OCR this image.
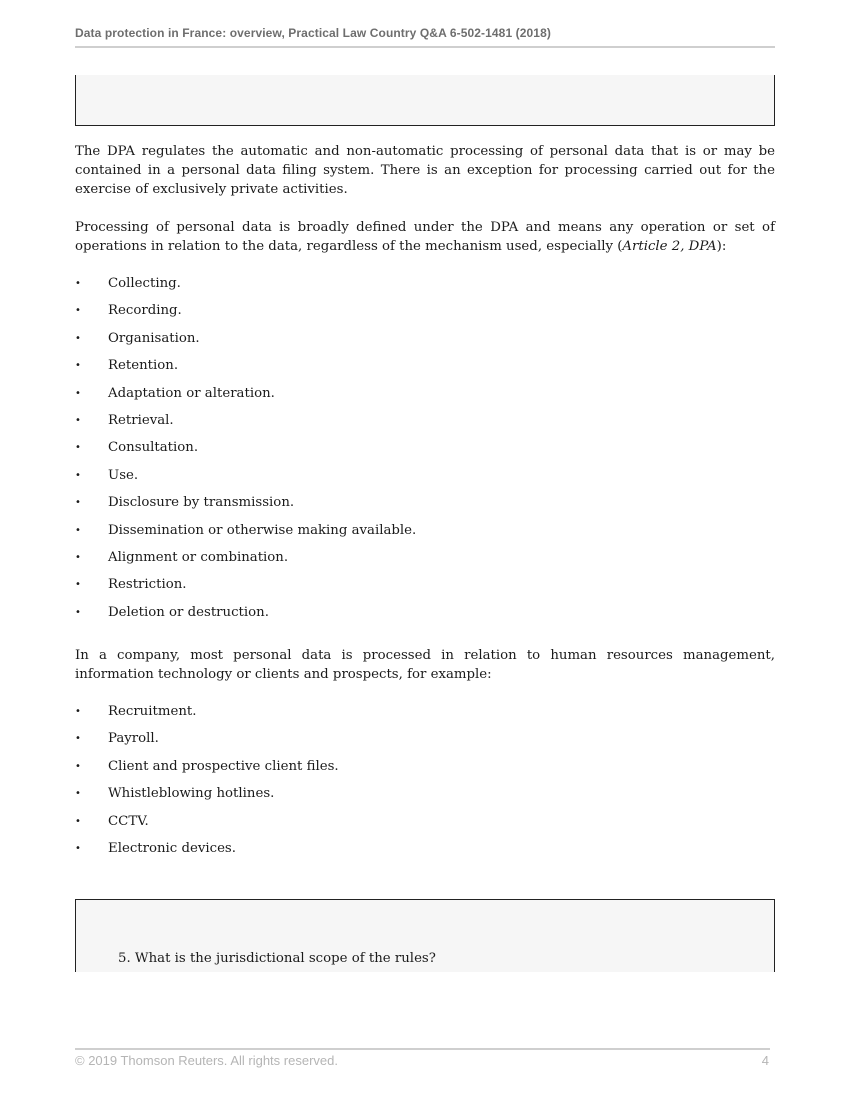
Data protection in France: overview, Practical Law Country Q&A 6-502-1481 (2018)

The DPA regulates the automatic and non-automatic processing of personal data that is or may be contained in a personal data filing system. There is an exception for processing carried out for the exercise of exclusively private activities.

Processing of personal data is broadly defined under the DPA and means any operation or set of operations in relation to the data, regardless of the mechanism used, especially (Article 2, DPA):

• Collecting.
• Recording.
• Organisation.
• Retention.
• Adaptation or alteration.
• Retrieval.
• Consultation.
• Use.
• Disclosure by transmission.
• Dissemination or otherwise making available.
• Alignment or combination.
• Restriction.
• Deletion or destruction.

In a company, most personal data is processed in relation to human resources management, information technology or clients and prospects, for example:

• Recruitment.
• Payroll.
• Client and prospective client files.
• Whistleblowing hotlines.
• CCTV.
• Electronic devices.
5. What is the jurisdictional scope of the rules?
© 2019 Thomson Reuters. All rights reserved.	4
